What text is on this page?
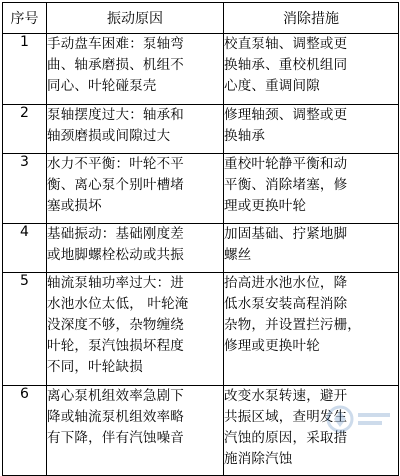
序号	振动原因	消除措施
1	手动盘车困难：泵轴弯
曲、轴承磨损、机组不
同心、叶轮碰泵壳	校直泵轴、调整或更
换轴承、重校机组同
心度、重调间隙

2	泵轴摆度过大：轴承和
轴颈磨损或间隙过大	修理轴颈、调整或更
换轴承

3	水力不平衡：叶轮不平
衡、离心泵个别叶槽堵
塞或损坏	重校叶轮静平衡和动
平衡、消除堵塞，修
理或更换叶轮

4	基础振动：基础刚度差
或地脚螺栓松动或共振	加固基础、拧紧地脚
螺丝

5	轴流泵轴功率过大：进
水池水位太低， 叶轮淹
没深度不够，杂物缠绕
叶轮，泵汽蚀损坏程度
不同，叶轮缺损	抬高进水池水位，降
低水泵安装高程消除
杂物，并设置拦污栅，
修理或更换叶轮

6	离心泵机组效率急剧下
降或轴流泵机组效率略
有下降，伴有汽蚀噪音	改变水泵转速，避开
共振区域，查明发生
汽蚀的原因，采取措
施消除汽蚀
